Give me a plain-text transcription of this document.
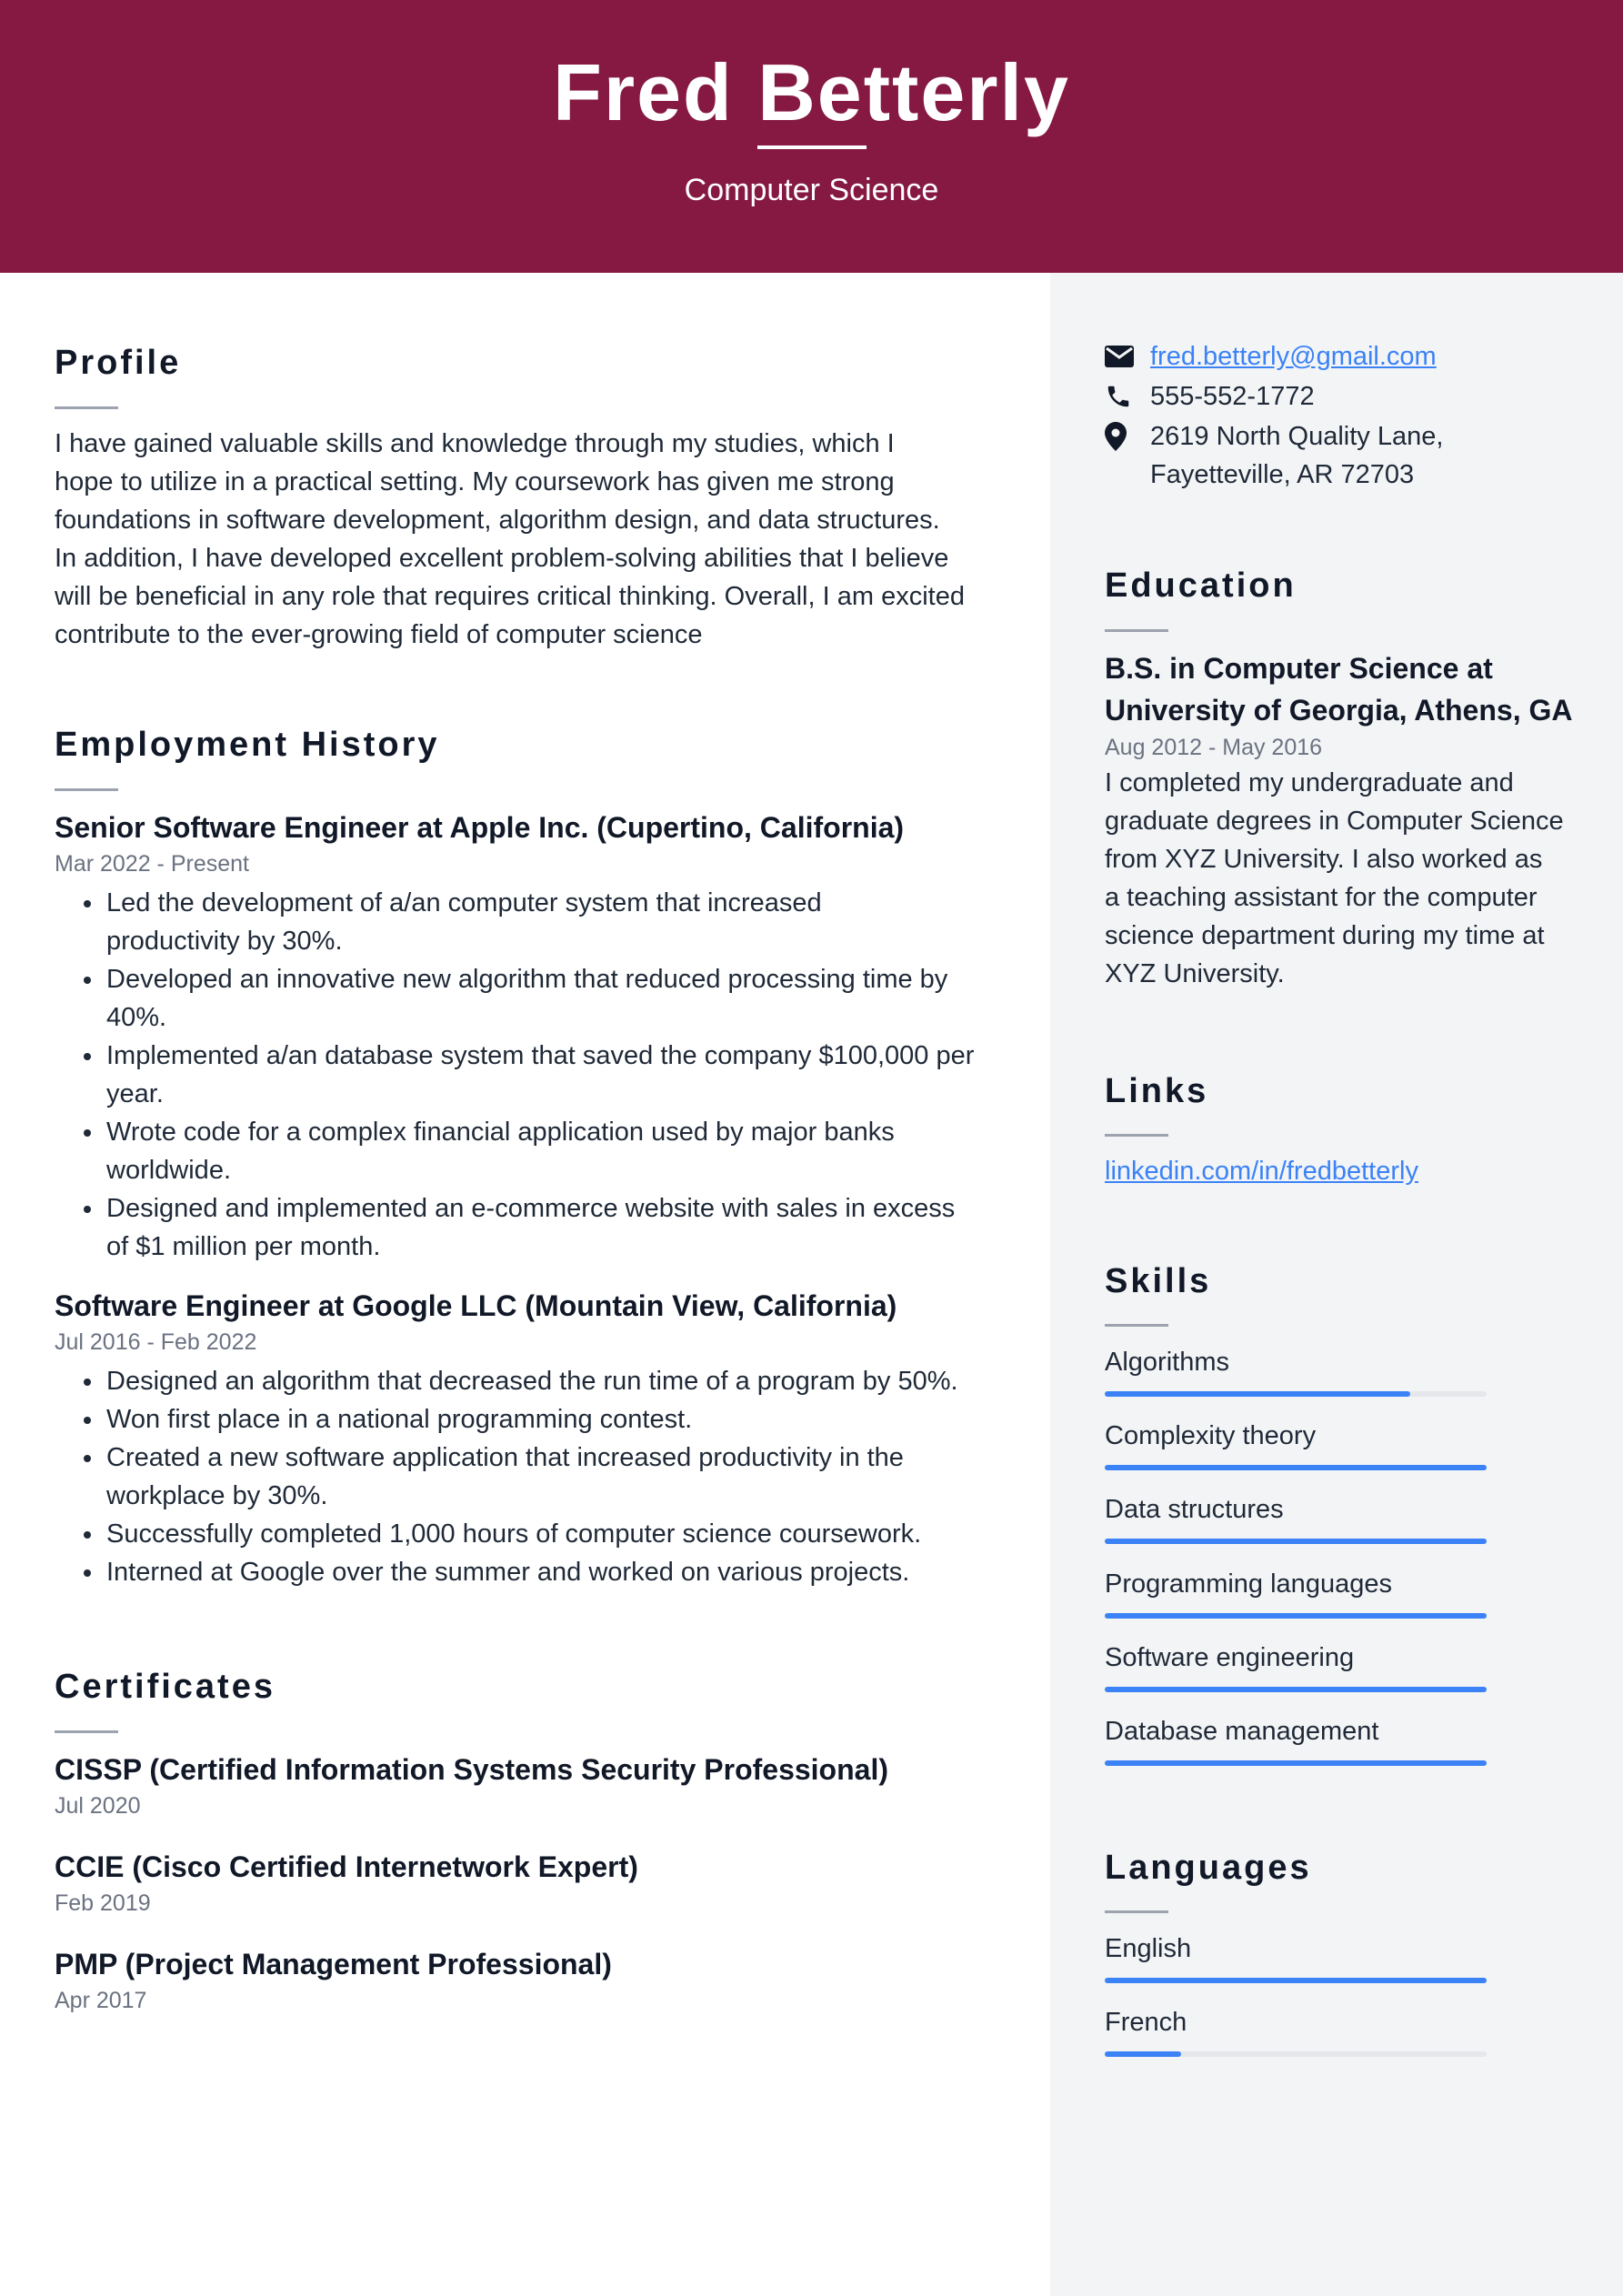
Fred Betterly
Computer Science
Profile
I have gained valuable skills and knowledge through my studies, which I
hope to utilize in a practical setting. My coursework has given me strong
foundations in software development, algorithm design, and data structures.
In addition, I have developed excellent problem-solving abilities that I believe
will be beneficial in any role that requires critical thinking. Overall, I am excited
contribute to the ever-growing field of computer science
Employment History
Senior Software Engineer at Apple Inc. (Cupertino, California)
Mar 2022 - Present
Led the development of a/an computer system that increased
productivity by 30%.
Developed an innovative new algorithm that reduced processing time by
40%.
Implemented a/an database system that saved the company $100,000 per
year.
Wrote code for a complex financial application used by major banks
worldwide.
Designed and implemented an e-commerce website with sales in excess
of $1 million per month.
Software Engineer at Google LLC (Mountain View, California)
Jul 2016 - Feb 2022
Designed an algorithm that decreased the run time of a program by 50%.
Won first place in a national programming contest.
Created a new software application that increased productivity in the
workplace by 30%.
Successfully completed 1,000 hours of computer science coursework.
Interned at Google over the summer and worked on various projects.
Certificates
CISSP (Certified Information Systems Security Professional)
Jul 2020
CCIE (Cisco Certified Internetwork Expert)
Feb 2019
PMP (Project Management Professional)
Apr 2017
fred.betterly@gmail.com
555-552-1772
2619 North Quality Lane,
Fayetteville, AR 72703
Education
B.S. in Computer Science at
University of Georgia, Athens, GA
Aug 2012 - May 2016
I completed my undergraduate and
graduate degrees in Computer Science
from XYZ University. I also worked as
a teaching assistant for the computer
science department during my time at
XYZ University.
Links
linkedin.com/in/fredbetterly
Skills
Algorithms
Complexity theory
Data structures
Programming languages
Software engineering
Database management
Languages
English
French
